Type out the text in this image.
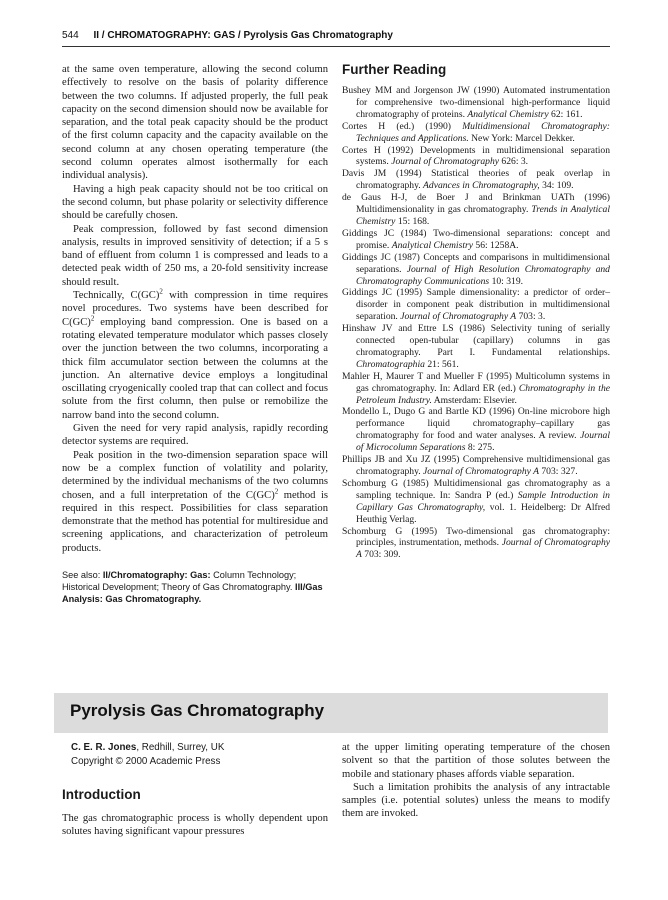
544 II / CHROMATOGRAPHY: GAS / Pyrolysis Gas Chromatography

at the same oven temperature, allowing the second column effectively to resolve on the basis of polarity difference between the two columns. If adjusted properly, the full peak capacity on the second dimension should now be available for separation, and the total peak capacity should be the product of the first column capacity and the capacity available on the second column at any chosen operating temperature (the second column operates almost isothermally for each individual analysis).

Having a high peak capacity should not be too critical on the second column, but phase polarity or selectivity difference should be carefully chosen.

Peak compression, followed by fast second dimension analysis, results in improved sensitivity of detection; if a 5 s band of effluent from column 1 is compressed and leads to a detected peak width of 250 ms, a 20-fold sensitivity increase should result.

Technically, C(GC)$^2$ with compression in time requires novel procedures. Two systems have been described for C(GC)$^2$ employing band compression. One is based on a rotating elevated temperature modulator which passes closely over the junction between the two columns, incorporating a thick film accumulator section between the columns at the junction. An alternative device employs a longitudinal oscillating cryogenically cooled trap that can collect and focus solute from the first column, then pulse or remobilize the narrow band into the second column.

Given the need for very rapid analysis, rapidly recording detector systems are required.

Peak position in the two-dimension separation space will now be a complex function of volatility and polarity, determined by the individual mechanisms of the two columns chosen, and a full interpretation of the C(GC)$^2$ method is required in this respect. Possibilities for class separation demonstrate that the method has potential for multiresidue and screening applications, and characterization of petroleum products.

See also: II/Chromatography: Gas: Column Technology; Historical Development; Theory of Gas Chromatography. III/Gas Analysis: Gas Chromatography.

Further Reading

Bushey MM and Jorgenson JW (1990) Automated instrumentation for comprehensive two-dimensional high-performance liquid chromatography of proteins. Analytical Chemistry 62: 161.

Cortes H (ed.) (1990) Multidimensional Chromatography: Techniques and Applications. New York: Marcel Dekker.

Cortes H (1992) Developments in multidimensional separation systems. Journal of Chromatography 626: 3.

Davis JM (1994) Statistical theories of peak overlap in chromatography. Advances in Chromatography, 34: 109.

de Gaus H-J, de Boer J and Brinkman UATh (1996) Multidimensionality in gas chromatography. Trends in Analytical Chemistry 15: 168.

Giddings JC (1984) Two-dimensional separations: concept and promise. Analytical Chemistry 56: 1258A.

Giddings JC (1987) Concepts and comparisons in multidimensional separations. Journal of High Resolution Chromatography and Chromatography Communications 10: 319.

Giddings JC (1995) Sample dimensionality: a predictor of order–disorder in component peak distribution in multidimensional separation. Journal of Chromatography A 703: 3.

Hinshaw JV and Ettre LS (1986) Selectivity tuning of serially connected open-tubular (capillary) columns in gas chromatography. Part I. Fundamental relationships. Chromatographia 21: 561.

Mahler H, Maurer T and Mueller F (1995) Multicolumn systems in gas chromatography. In: Adlard ER (ed.) Chromatography in the Petroleum Industry. Amsterdam: Elsevier.

Mondello L, Dugo G and Bartle KD (1996) On-line microbore high performance liquid chromatography–capillary gas chromatography for food and water analyses. A review. Journal of Microcolumn Separations 8: 275.

Phillips JB and Xu JZ (1995) Comprehensive multidimensional gas chromatography. Journal of Chromatography A 703: 327.

Schomburg G (1985) Multidimensional gas chromatography as a sampling technique. In: Sandra P (ed.) Sample Introduction in Capillary Gas Chromatography, vol. 1. Heidelberg: Dr Alfred Heuthig Verlag.

Schomburg G (1995) Two-dimensional gas chromatography: principles, instrumentation, methods. Journal of Chromatography A 703: 309.

Pyrolysis Gas Chromatography
C. E. R. Jones, Redhill, Surrey, UK
Copyright © 2000 Academic Press
Introduction

The gas chromatographic process is wholly dependent upon solutes having significant vapour pressures

at the upper limiting operating temperature of the chosen solvent so that the partition of those solutes between the mobile and stationary phases affords viable separation.

Such a limitation prohibits the analysis of any intractable samples (i.e. potential solutes) unless the means to modify them are invoked.
